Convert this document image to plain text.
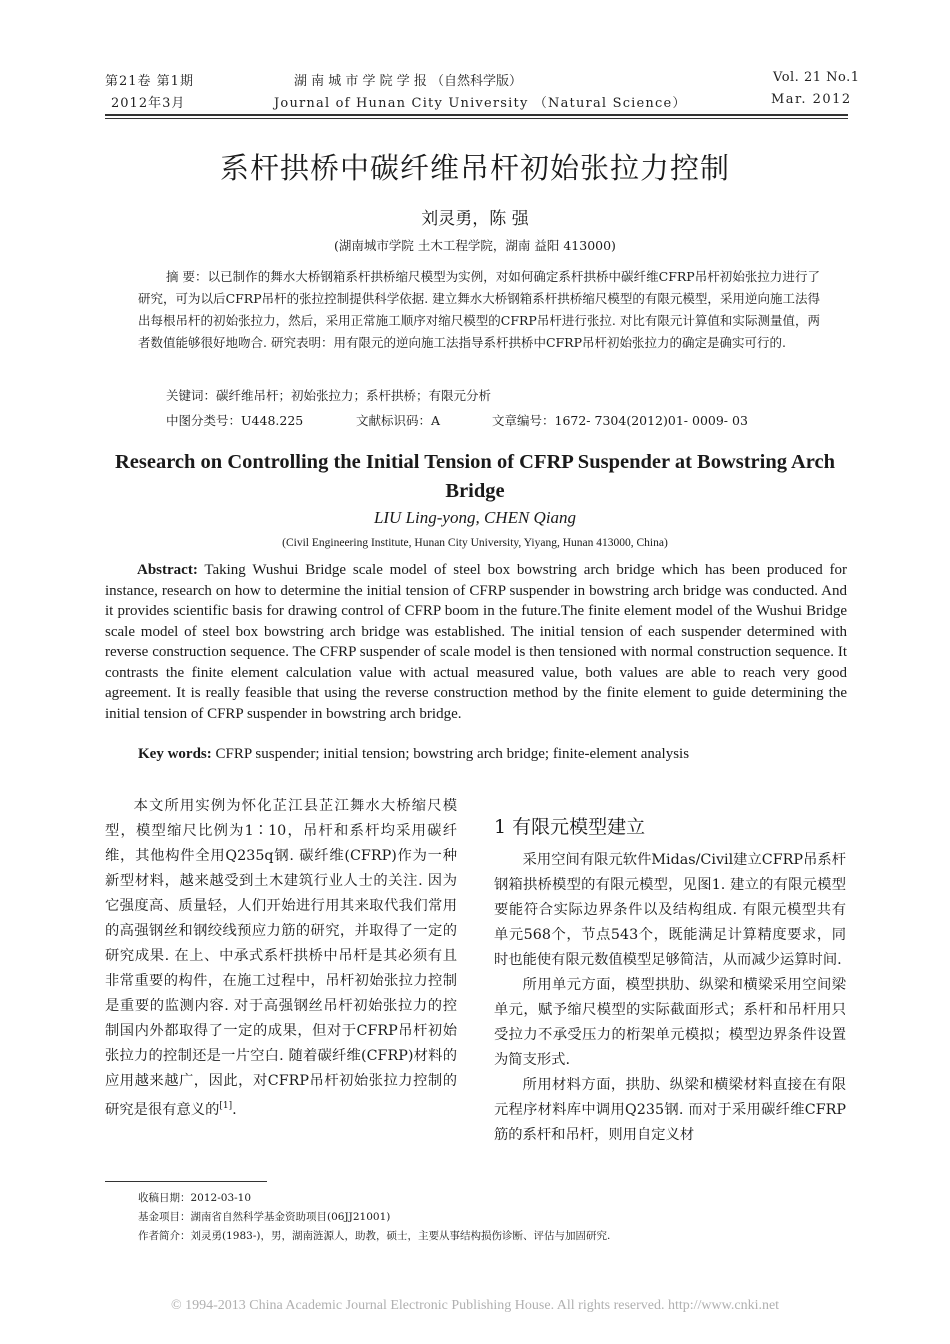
第21卷 第1期
2012年3月
湖 南 城 市 学 院 学 报 （自然科学版）
Journal of Hunan City University （Natural Science）
Vol. 21 No.1
Mar. 2012
系杆拱桥中碳纤维吊杆初始张拉力控制
刘灵勇，陈 强
(湖南城市学院 土木工程学院，湖南 益阳 413000)
摘 要：以已制作的舞水大桥钢箱系杆拱桥缩尺模型为实例，对如何确定系杆拱桥中碳纤维CFRP吊杆初始张拉力进行了研究，可为以后CFRP吊杆的张拉控制提供科学依据. 建立舞水大桥钢箱系杆拱桥缩尺模型的有限元模型，采用逆向施工法得出每根吊杆的初始张拉力，然后，采用正常施工顺序对缩尺模型的CFRP吊杆进行张拉. 对比有限元计算值和实际测量值，两者数值能够很好地吻合. 研究表明：用有限元的逆向施工法指导系杆拱桥中CFRP吊杆初始张拉力的确定是确实可行的.
关键词：碳纤维吊杆；初始张拉力；系杆拱桥；有限元分析
中图分类号：U448.225	文献标识码：A	文章编号：1672- 7304(2012)01- 0009- 03
Research on Controlling the Initial Tension of CFRP Suspender at Bowstring Arch Bridge
LIU Ling-yong, CHEN Qiang
(Civil Engineering Institute, Hunan City University, Yiyang, Hunan 413000, China)
Abstract: Taking Wushui Bridge scale model of steel box bowstring arch bridge which has been produced for instance, research on how to determine the initial tension of CFRP suspender in bowstring arch bridge was conducted. And it provides scientific basis for drawing control of CFRP boom in the future.The finite element model of the Wushui Bridge scale model of steel box bowstring arch bridge was established. The initial tension of each suspender determined with reverse construction sequence. The CFRP suspender of scale model is then tensioned with normal construction sequence. It contrasts the finite element calculation value with actual measured value, both values are able to reach very good agreement. It is really feasible that using the reverse construction method by the finite element to guide determining the initial tension of CFRP suspender in bowstring arch bridge.
Key words: CFRP suspender; initial tension; bowstring arch bridge; finite-element analysis

本文所用实例为怀化芷江县芷江舞水大桥缩尺模型，模型缩尺比例为1∶10，吊杆和系杆均采用碳纤维，其他构件全用Q235q钢. 碳纤维(CFRP)作为一种新型材料，越来越受到土木建筑行业人士的关注. 因为它强度高、质量轻，人们开始进行用其来取代我们常用的高强钢丝和钢绞线预应力筋的研究，并取得了一定的研究成果. 在上、中承式系杆拱桥中吊杆是其必须有且非常重要的构件，在施工过程中，吊杆初始张拉力控制是重要的监测内容. 对于高强钢丝吊杆初始张拉力的控制国内外都取得了一定的成果，但对于CFRP吊杆初始张拉力的控制还是一片空白. 随着碳纤维(CFRP)材料的应用越来越广，因此，对CFRP吊杆初始张拉力控制的研究是很有意义的[1].

1 有限元模型建立

采用空间有限元软件Midas/Civil建立CFRP吊系杆钢箱拱桥模型的有限元模型，见图1. 建立的有限元模型要能符合实际边界条件以及结构组成. 有限元模型共有单元568个，节点543个，既能满足计算精度要求，同时也能使有限元数值模型足够简洁，从而减少运算时间.

所用单元方面，模型拱肋、纵梁和横梁采用空间梁单元，赋予缩尺模型的实际截面形式；系杆和吊杆用只受拉力不承受压力的桁架单元模拟；模型边界条件设置为简支形式.

所用材料方面，拱肋、纵梁和横梁材料直接在有限元程序材料库中调用Q235钢. 而对于采用碳纤维CFRP筋的系杆和吊杆，则用自定义材

收稿日期：2012-03-10
基金项目：湖南省自然科学基金资助项目(06JJ21001)
作者简介：刘灵勇(1983-)，男，湖南涟源人，助教，硕士，主要从事结构损伤诊断、评估与加固研究.
© 1994-2013 China Academic Journal Electronic Publishing House. All rights reserved. http://www.cnki.net
